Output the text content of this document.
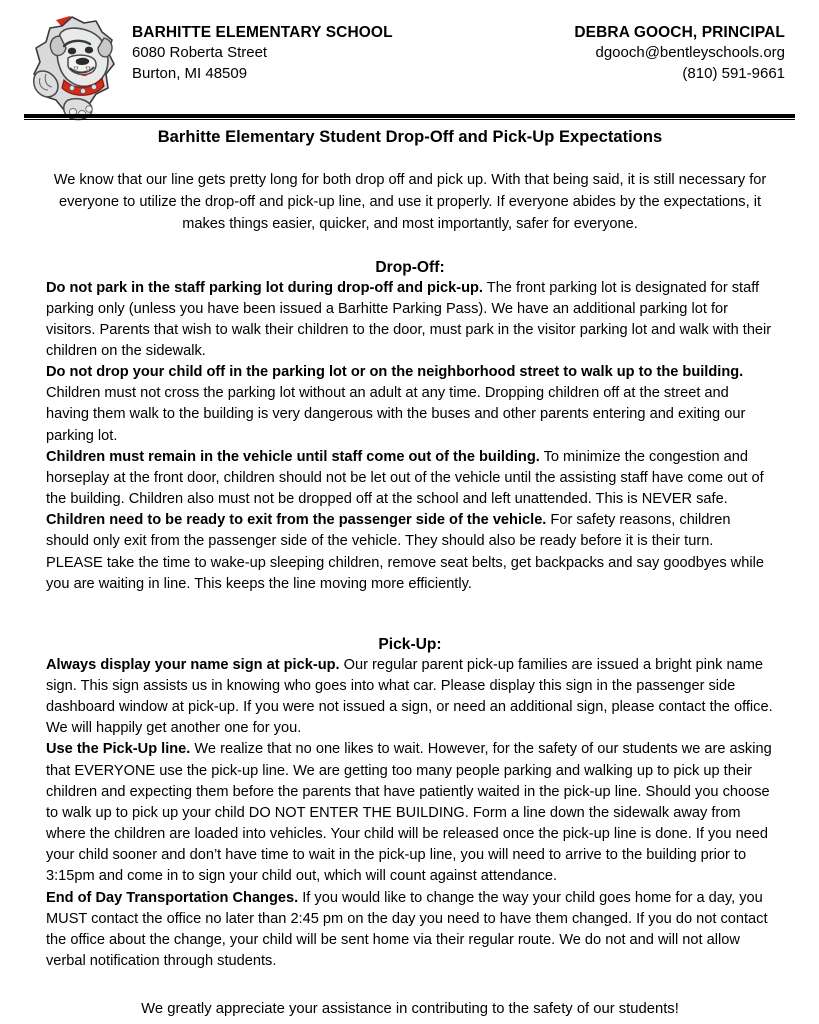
BARHITTE ELEMENTARY SCHOOL
6080 Roberta Street
Burton, MI 48509
DEBRA GOOCH, PRINCIPAL
dgooch@bentleyschools.org
(810) 591-9661
Barhitte Elementary Student Drop-Off and Pick-Up Expectations
We know that our line gets pretty long for both drop off and pick up. With that being said, it is still necessary for everyone to utilize the drop-off and pick-up line, and use it properly. If everyone abides by the expectations, it makes things easier, quicker, and most importantly, safer for everyone.
Drop-Off:

Do not park in the staff parking lot during drop-off and pick-up. The front parking lot is designated for staff parking only (unless you have been issued a Barhitte Parking Pass). We have an additional parking lot for visitors. Parents that wish to walk their children to the door, must park in the visitor parking lot and walk with their children on the sidewalk.

Do not drop your child off in the parking lot or on the neighborhood street to walk up to the building. Children must not cross the parking lot without an adult at any time. Dropping children off at the street and having them walk to the building is very dangerous with the buses and other parents entering and exiting our parking lot.

Children must remain in the vehicle until staff come out of the building. To minimize the congestion and horseplay at the front door, children should not be let out of the vehicle until the assisting staff have come out of the building. Children also must not be dropped off at the school and left unattended. This is NEVER safe.

Children need to be ready to exit from the passenger side of the vehicle. For safety reasons, children should only exit from the passenger side of the vehicle. They should also be ready before it is their turn. PLEASE take the time to wake-up sleeping children, remove seat belts, get backpacks and say goodbyes while you are waiting in line. This keeps the line moving more efficiently.

Pick-Up:

Always display your name sign at pick-up. Our regular parent pick-up families are issued a bright pink name sign. This sign assists us in knowing who goes into what car. Please display this sign in the passenger side dashboard window at pick-up. If you were not issued a sign, or need an additional sign, please contact the office. We will happily get another one for you.

Use the Pick-Up line. We realize that no one likes to wait. However, for the safety of our students we are asking that EVERYONE use the pick-up line. We are getting too many people parking and walking up to pick up their children and expecting them before the parents that have patiently waited in the pick-up line. Should you choose to walk up to pick up your child DO NOT ENTER THE BUILDING. Form a line down the sidewalk away from where the children are loaded into vehicles. Your child will be released once the pick-up line is done. If you need your child sooner and don’t have time to wait in the pick-up line, you will need to arrive to the building prior to 3:15pm and come in to sign your child out, which will count against attendance.

End of Day Transportation Changes. If you would like to change the way your child goes home for a day, you MUST contact the office no later than 2:45 pm on the day you need to have them changed. If you do not contact the office about the change, your child will be sent home via their regular route. We do not and will not allow verbal notification through students.

We greatly appreciate your assistance in contributing to the safety of our students!
